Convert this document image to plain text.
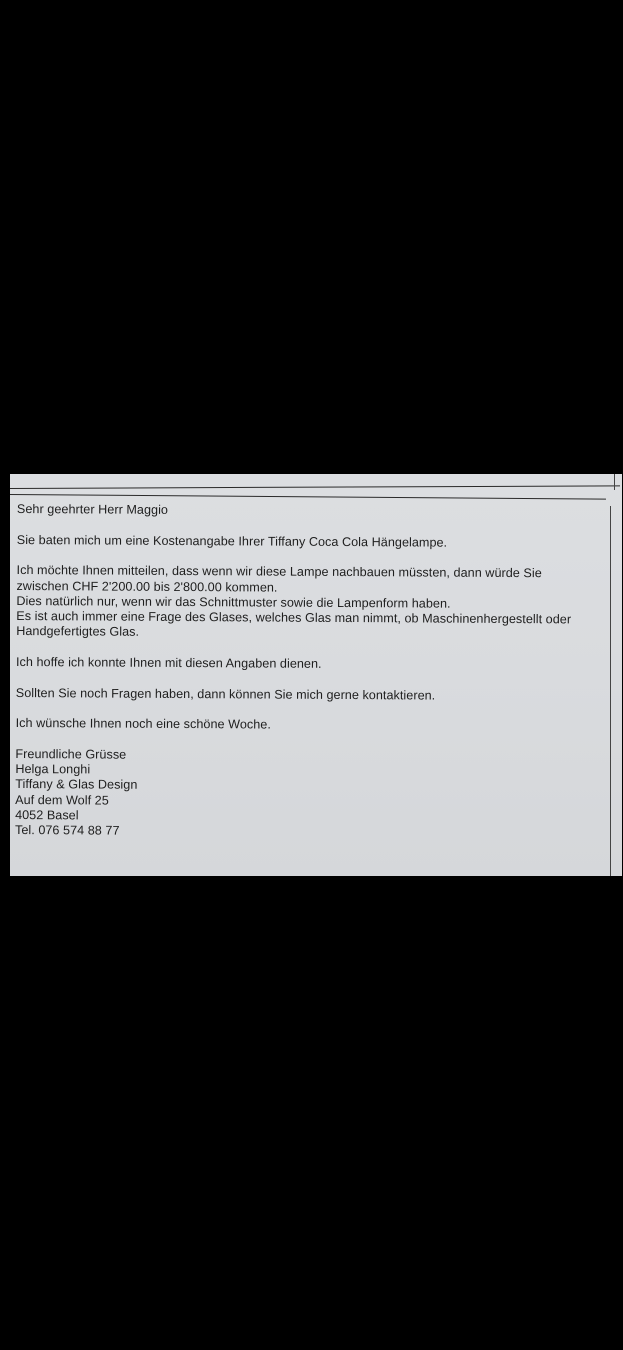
Sehr geehrter Herr Maggio

Sie baten mich um eine Kostenangabe Ihrer Tiffany Coca Cola Hängelampe.

Ich möchte Ihnen mitteilen, dass wenn wir diese Lampe nachbauen müssten, dann würde Sie

zwischen CHF 2'200.00 bis 2'800.00 kommen.

Dies natürlich nur, wenn wir das Schnittmuster sowie die Lampenform haben.

Es ist auch immer eine Frage des Glases, welches Glas man nimmt, ob Maschinenhergestellt oder

Handgefertigtes Glas.

Ich hoffe ich konnte Ihnen mit diesen Angaben dienen.

Sollten Sie noch Fragen haben, dann können Sie mich gerne kontaktieren.

Ich wünsche Ihnen noch eine schöne Woche.

Freundliche Grüsse

Helga Longhi

Tiffany & Glas Design

Auf dem Wolf 25

4052 Basel

Tel. 076 574 88 77
